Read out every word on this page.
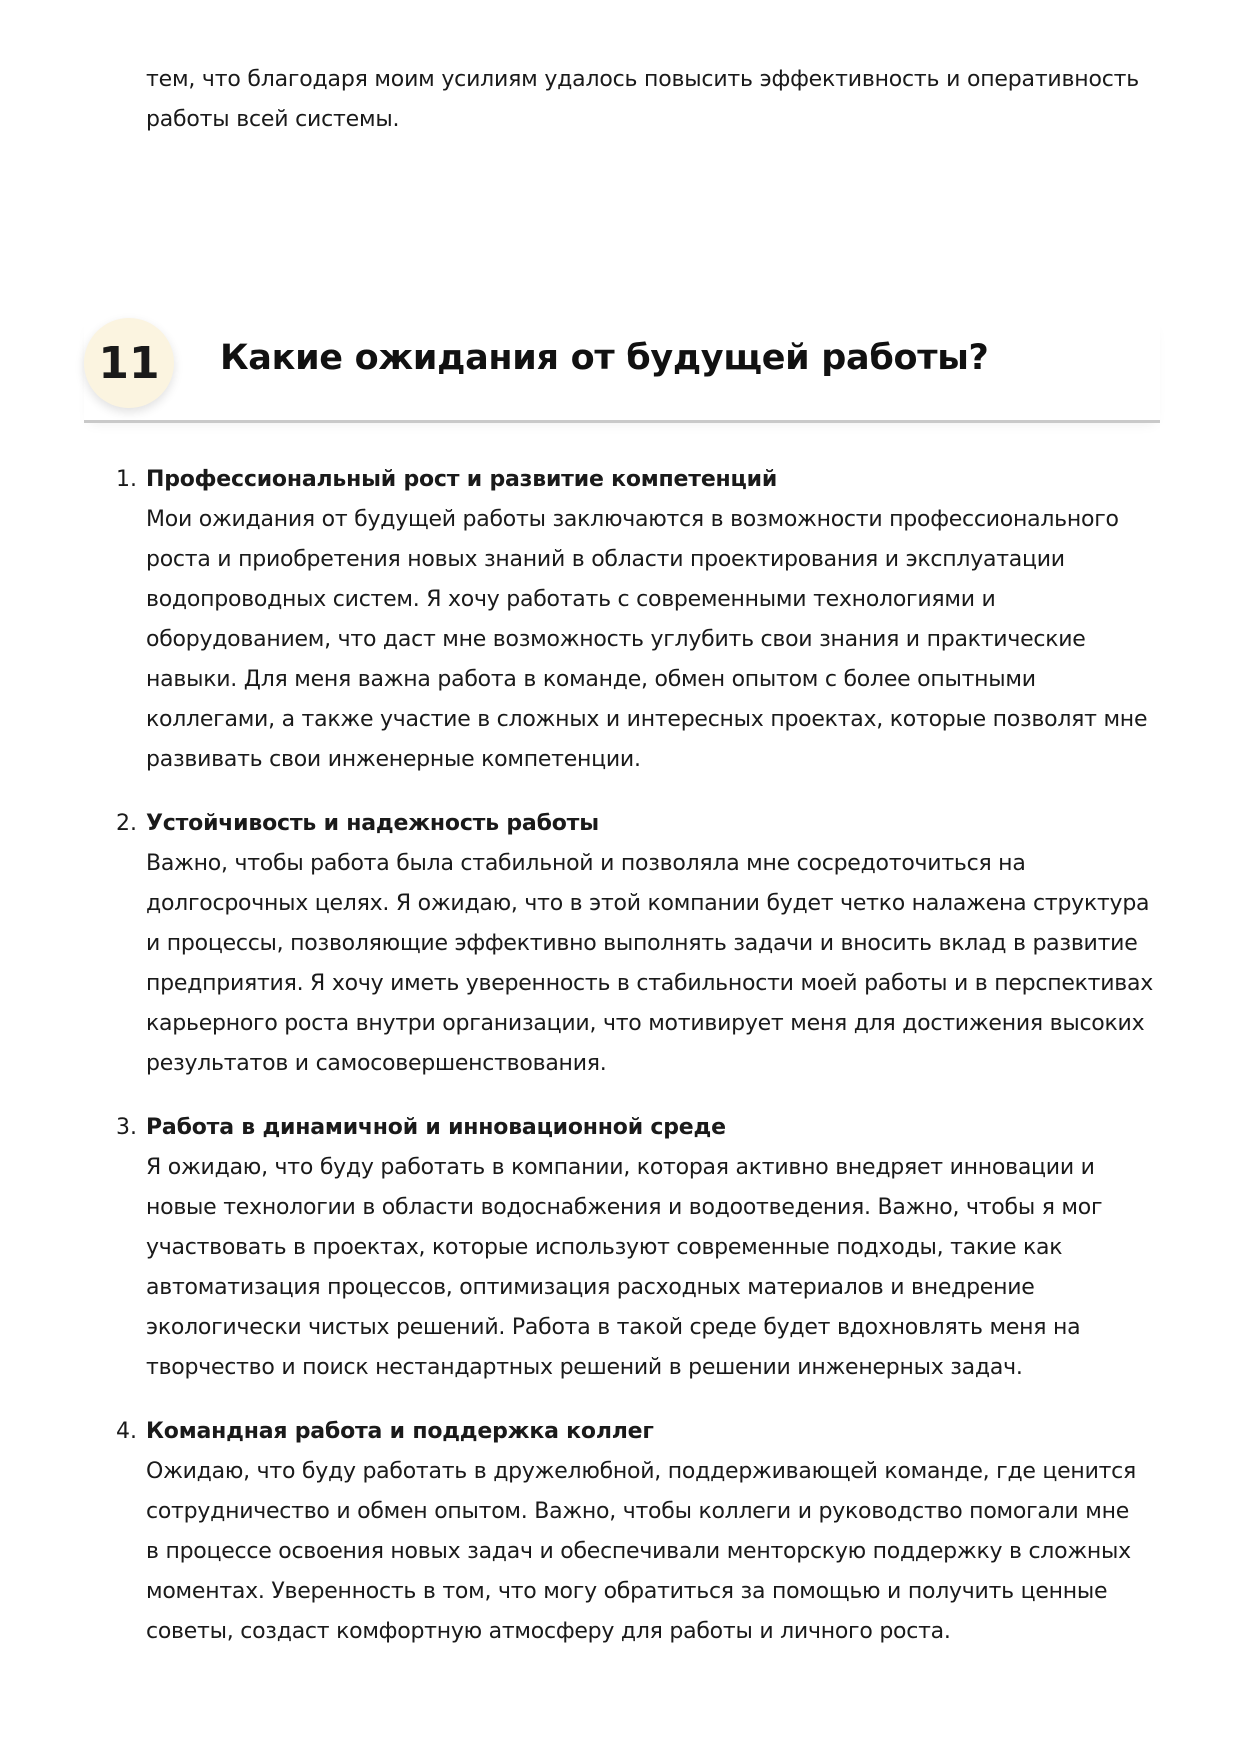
тем, что благодаря моим усилиям удалось повысить эффективность и оперативность
работы всей системы.

11	Какие ожидания от будущей работы?
1. Профессиональный рост и развитие компетенций

Мои ожидания от будущей работы заключаются в возможности профессионального
роста и приобретения новых знаний в области проектирования и эксплуатации
водопроводных систем. Я хочу работать с современными технологиями и
оборудованием, что даст мне возможность углубить свои знания и практические
навыки. Для меня важна работа в команде, обмен опытом с более опытными
коллегами, а также участие в сложных и интересных проектах, которые позволят мне
развивать свои инженерные компетенции.

2. Устойчивость и надежность работы

Важно, чтобы работа была стабильной и позволяла мне сосредоточиться на
долгосрочных целях. Я ожидаю, что в этой компании будет четко налажена структура
и процессы, позволяющие эффективно выполнять задачи и вносить вклад в развитие
предприятия. Я хочу иметь уверенность в стабильности моей работы и в перспективах
карьерного роста внутри организации, что мотивирует меня для достижения высоких
результатов и самосовершенствования.

3. Работа в динамичной и инновационной среде

Я ожидаю, что буду работать в компании, которая активно внедряет инновации и
новые технологии в области водоснабжения и водоотведения. Важно, чтобы я мог
участвовать в проектах, которые используют современные подходы, такие как
автоматизация процессов, оптимизация расходных материалов и внедрение
экологически чистых решений. Работа в такой среде будет вдохновлять меня на
творчество и поиск нестандартных решений в решении инженерных задач.

4. Командная работа и поддержка коллег

Ожидаю, что буду работать в дружелюбной, поддерживающей команде, где ценится
сотрудничество и обмен опытом. Важно, чтобы коллеги и руководство помогали мне
в процессе освоения новых задач и обеспечивали менторскую поддержку в сложных
моментах. Уверенность в том, что могу обратиться за помощью и получить ценные
советы, создаст комфортную атмосферу для работы и личного роста.
